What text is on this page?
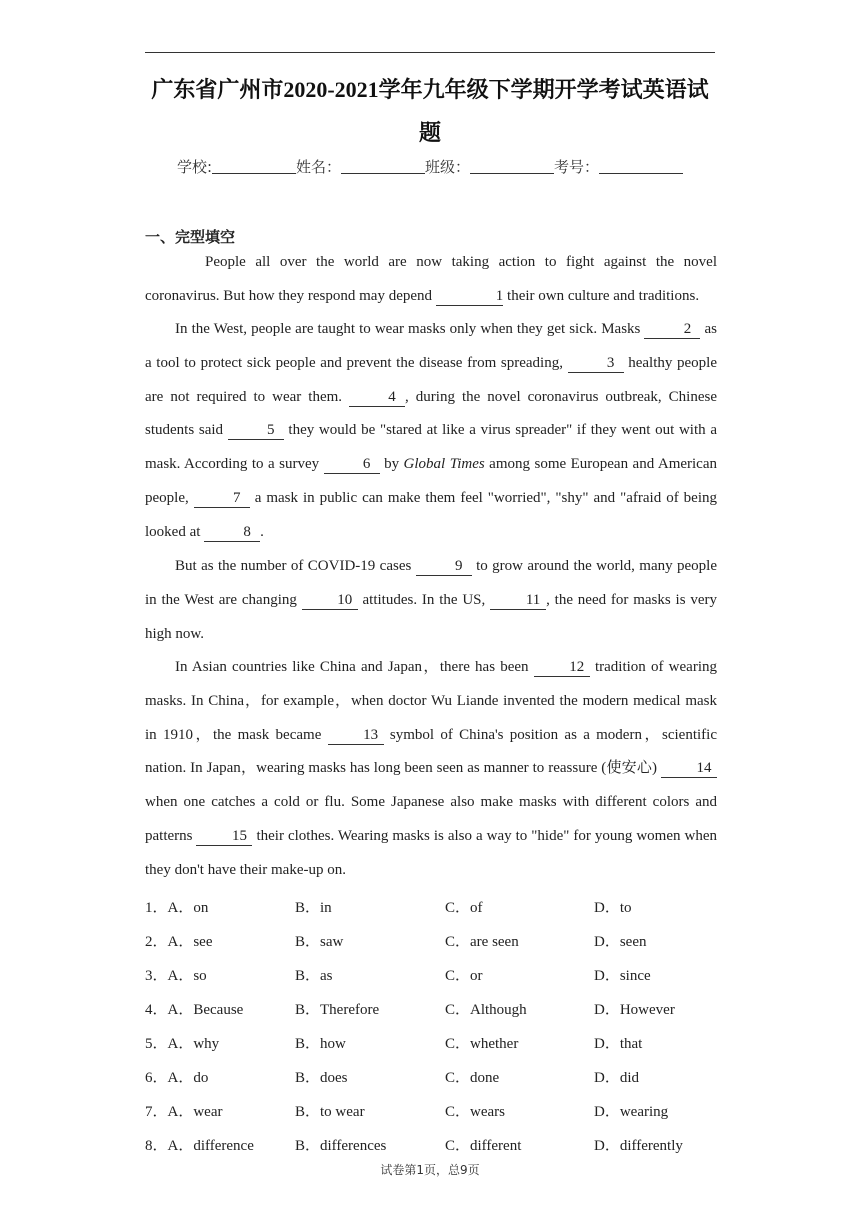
广东省广州市2020-2021学年九年级下学期开学考试英语试
题
学校:	姓名：	班级：	考号：
一、完型填空
People all over the world are now taking action to fight against the novel coronavirus. But how they respond may depend	1 their own culture and traditions.
In the West, people are taught to wear masks only when they get sick. Masks	2 as a tool to protect sick people and prevent the disease from spreading,	3 healthy people are not required to wear them.	4 , during the novel coronavirus outbreak, Chinese students said	5 they would be "stared at like a virus spreader" if they went out with a mask. According to a survey	6 by Global Times among some European and American people,	7 a mask in public can make them feel "worried", "shy" and "afraid of being looked at	8 .
But as the number of COVID-19 cases	9 to grow around the world, many people in the West are changing 10 attitudes. In the US, 11 , the need for masks is very high now.
In Asian countries like China and Japan，there has been 12 tradition of wearing masks. In China，for example，when doctor Wu Liande invented the modern medical mask in 1910，the mask became 13 symbol of China's position as a modern，scientific nation. In Japan，wearing masks has long been seen as manner to reassure (使安心) 14 when one catches a cold or flu. Some Japanese also make masks with different colors and patterns 15 their clothes. Wearing masks is also a way to "hide" for young women when they don't have their make-up on.
1．A．on	B．in	C．of	D．to
2．A．see	B．saw	C．are seen	D．seen
3．A．so	B．as	C．or	D．since
4．A．Because	B．Therefore	C．Although	D．However
5．A．why	B．how	C．whether	D．that
6．A．do	B．does	C．done	D．did
7．A．wear	B．to wear	C．wears	D．wearing
8．A．difference	B．differences	C．different	D．differently
试卷第1页，总9页
